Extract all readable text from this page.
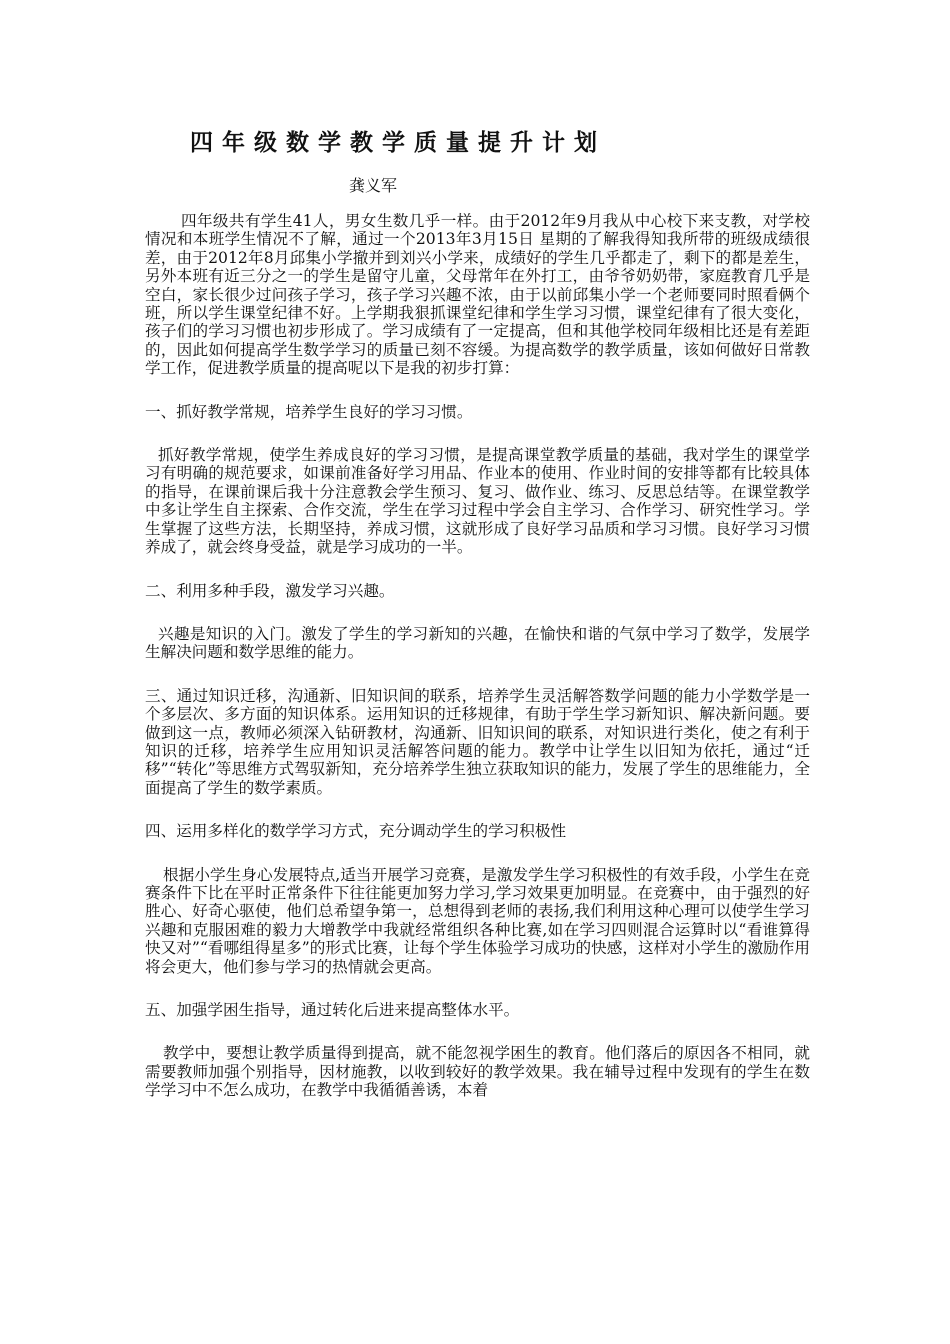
四年级数学教学质量提升计划
龚义军

四年级共有学生41人，男女生数几乎一样。由于2012年9月我从中心校下来支教，对学校情况和本班学生情况不了解，通过一个2013年3月15日 星期的了解我得知我所带的班级成绩很差，由于2012年8月邱集小学撤并到刘兴小学来，成绩好的学生几乎都走了，剩下的都是差生，另外本班有近三分之一的学生是留守儿童，父母常年在外打工，由爷爷奶奶带，家庭教育几乎是空白，家长很少过问孩子学习，孩子学习兴趣不浓，由于以前邱集小学一个老师要同时照看俩个班，所以学生课堂纪律不好。上学期我狠抓课堂纪律和学生学习习惯，课堂纪律有了很大变化，孩子们的学习习惯也初步形成了。学习成绩有了一定提高，但和其他学校同年级相比还是有差距的，因此如何提高学生数学学习的质量已刻不容缓。为提高数学的教学质量，该如何做好日常教学工作，促进教学质量的提高呢以下是我的初步打算：

一、抓好教学常规，培养学生良好的学习习惯。

抓好教学常规，使学生养成良好的学习习惯，是提高课堂教学质量的基础，我对学生的课堂学习有明确的规范要求，如课前准备好学习用品、作业本的使用、作业时间的安排等都有比较具体的指导，在课前课后我十分注意教会学生预习、复习、做作业、练习、反思总结等。在课堂教学中多让学生自主探索、合作交流，学生在学习过程中学会自主学习、合作学习、研究性学习。学生掌握了这些方法，长期坚持，养成习惯，这就形成了良好学习品质和学习习惯。良好学习习惯养成了，就会终身受益，就是学习成功的一半。

二、利用多种手段，激发学习兴趣。

兴趣是知识的入门。激发了学生的学习新知的兴趣，在愉快和谐的气氛中学习了数学，发展学生解决问题和数学思维的能力。

三、通过知识迁移，沟通新、旧知识间的联系，培养学生灵活解答数学问题的能力小学数学是一个多层次、多方面的知识体系。运用知识的迁移规律，有助于学生学习新知识、解决新问题。要做到这一点，教师必须深入钻研教材，沟通新、旧知识间的联系，对知识进行类化，使之有利于知识的迁移，培养学生应用知识灵活解答问题的能力。教学中让学生以旧知为依托，通过“迁移”“转化”等思维方式驾驭新知，充分培养学生独立获取知识的能力，发展了学生的思维能力，全面提高了学生的数学素质。

四、运用多样化的数学学习方式，充分调动学生的学习积极性

根据小学生身心发展特点,适当开展学习竞赛，是激发学生学习积极性的有效手段，小学生在竞赛条件下比在平时正常条件下往往能更加努力学习,学习效果更加明显。在竞赛中，由于强烈的好胜心、好奇心驱使，他们总希望争第一，总想得到老师的表扬,我们利用这种心理可以使学生学习兴趣和克服困难的毅力大增教学中我就经常组织各种比赛,如在学习四则混合运算时以“看谁算得快又对”“看哪组得星多”的形式比赛，让每个学生体验学习成功的快感，这样对小学生的激励作用将会更大，他们参与学习的热情就会更高。

五、加强学困生指导，通过转化后进来提高整体水平。

教学中，要想让教学质量得到提高，就不能忽视学困生的教育。他们落后的原因各不相同，就需要教师加强个别指导，因材施教，以收到较好的教学效果。我在辅导过程中发现有的学生在数学学习中不怎么成功，在教学中我循循善诱，本着
